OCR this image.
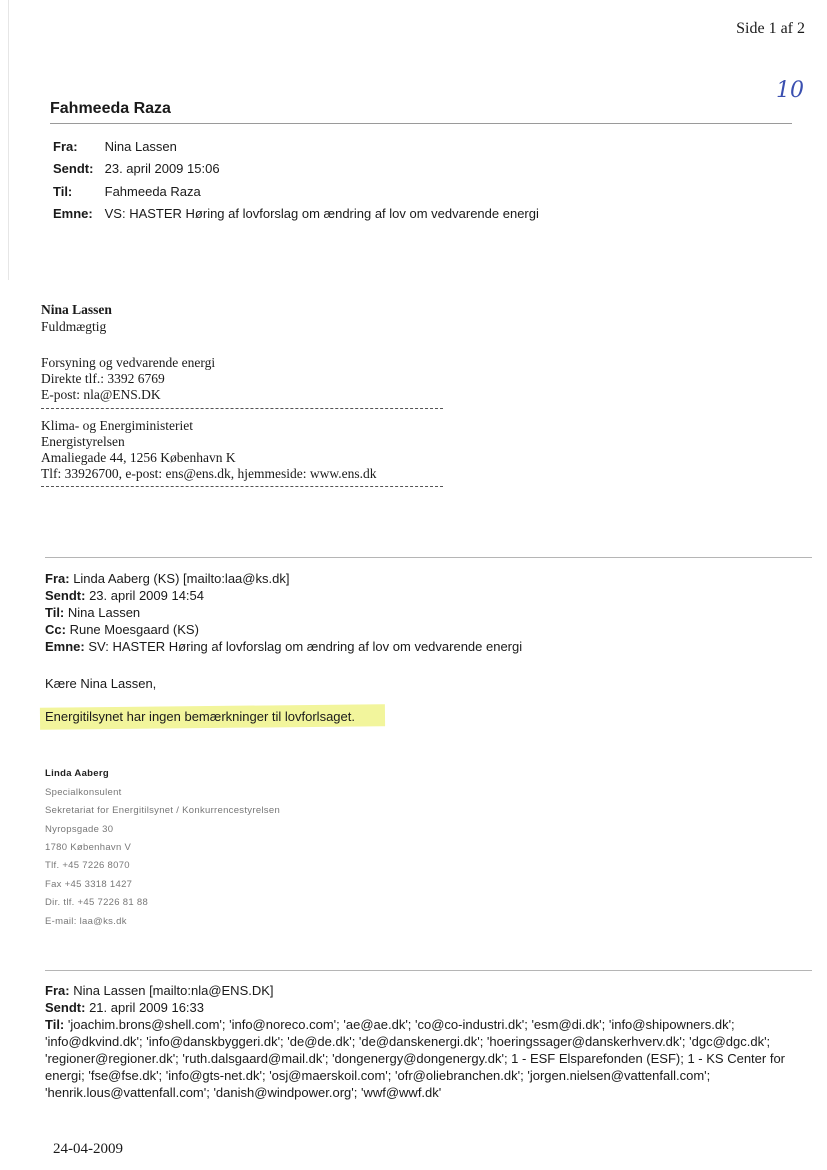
Side 1 af 2
10
Fahmeeda Raza
Fra: Nina Lassen
Sendt: 23. april 2009 15:06
Til: Fahmeeda Raza
Emne: VS: HASTER Høring af lovforslag om ændring af lov om vedvarende energi
Nina Lassen
Fuldmægtig
Forsyning og vedvarende energi
Direkte tlf.: 3392 6769
E-post: nla@ENS.DK
Klima- og Energiministeriet
Energistyrelsen
Amaliegade 44, 1256 København K
Tlf: 33926700, e-post: ens@ens.dk, hjemmeside: www.ens.dk
Fra: Linda Aaberg (KS) [mailto:laa@ks.dk]
Sendt: 23. april 2009 14:54
Til: Nina Lassen
Cc: Rune Moesgaard (KS)
Emne: SV: HASTER Høring af lovforslag om ændring af lov om vedvarende energi
Kære Nina Lassen,
Energitilsynet har ingen bemærkninger til lovforlsaget.
Linda Aaberg
Specialkonsulent
Sekretariat for Energitilsynet / Konkurrencestyrelsen
Nyropsgade 30
1780 København V
Tlf. +45 7226 8070
Fax +45 3318 1427
Dir. tlf. +45 7226 81 88
E-mail: laa@ks.dk
Fra: Nina Lassen [mailto:nla@ENS.DK]
Sendt: 21. april 2009 16:33
Til: 'joachim.brons@shell.com'; 'info@noreco.com'; 'ae@ae.dk'; 'co@co-industri.dk'; 'esm@di.dk'; 'info@shipowners.dk'; 'info@dkvind.dk'; 'info@danskbyggeri.dk'; 'de@de.dk'; 'de@danskenergi.dk'; 'hoeringssager@danskerhverv.dk'; 'dgc@dgc.dk'; 'regioner@regioner.dk'; 'ruth.dalsgaard@mail.dk'; 'dongenergy@dongenergy.dk'; 1 - ESF Elsparefonden (ESF); 1 - KS Center for energi; 'fse@fse.dk'; 'info@gts-net.dk'; 'osj@maerskoil.com'; 'ofr@oliebranchen.dk'; 'jorgen.nielsen@vattenfall.com'; 'henrik.lous@vattenfall.com'; 'danish@windpower.org'; 'wwf@wwf.dk'
24-04-2009
